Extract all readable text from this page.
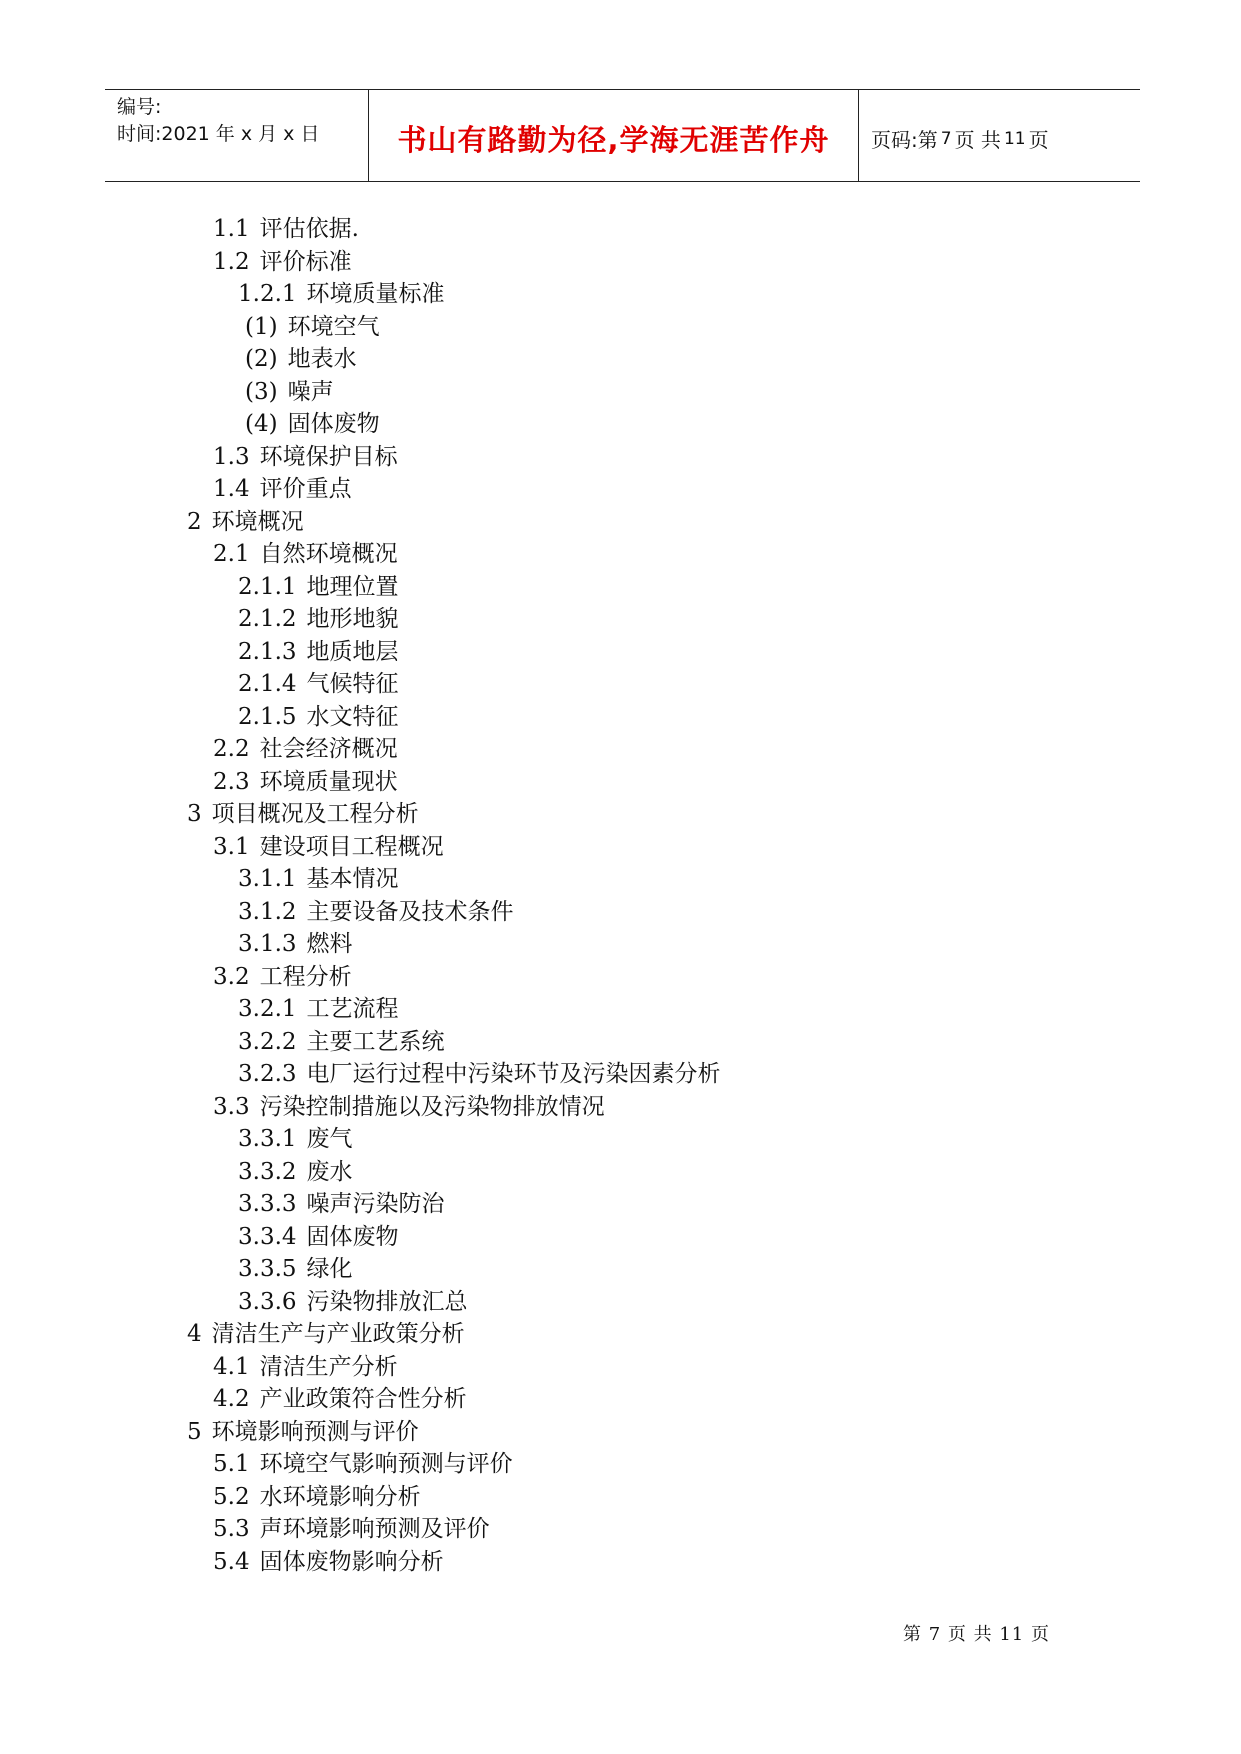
编号:
时间:2021 年 x 月 x 日	书山有路勤为径,学海无涯苦作舟	页码:第 7 页 共 11 页
1.1 评估依据.
1.2 评价标准
1.2.1 环境质量标准
(1) 环境空气
(2) 地表水
(3) 噪声
(4) 固体废物
1.3 环境保护目标
1.4 评价重点
2 环境概况
2.1 自然环境概况
2.1.1 地理位置
2.1.2 地形地貌
2.1.3 地质地层
2.1.4 气候特征
2.1.5 水文特征
2.2 社会经济概况
2.3 环境质量现状
3 项目概况及工程分析
3.1 建设项目工程概况
3.1.1 基本情况
3.1.2 主要设备及技术条件
3.1.3 燃料
3.2 工程分析
3.2.1 工艺流程
3.2.2 主要工艺系统
3.2.3 电厂运行过程中污染环节及污染因素分析
3.3 污染控制措施以及污染物排放情况
3.3.1 废气
3.3.2 废水
3.3.3 噪声污染防治
3.3.4 固体废物
3.3.5 绿化
3.3.6 污染物排放汇总
4 清洁生产与产业政策分析
4.1 清洁生产分析
4.2 产业政策符合性分析
5 环境影响预测与评价
5.1 环境空气影响预测与评价
5.2 水环境影响分析
5.3 声环境影响预测及评价
5.4 固体废物影响分析
第 7 页 共 11 页
